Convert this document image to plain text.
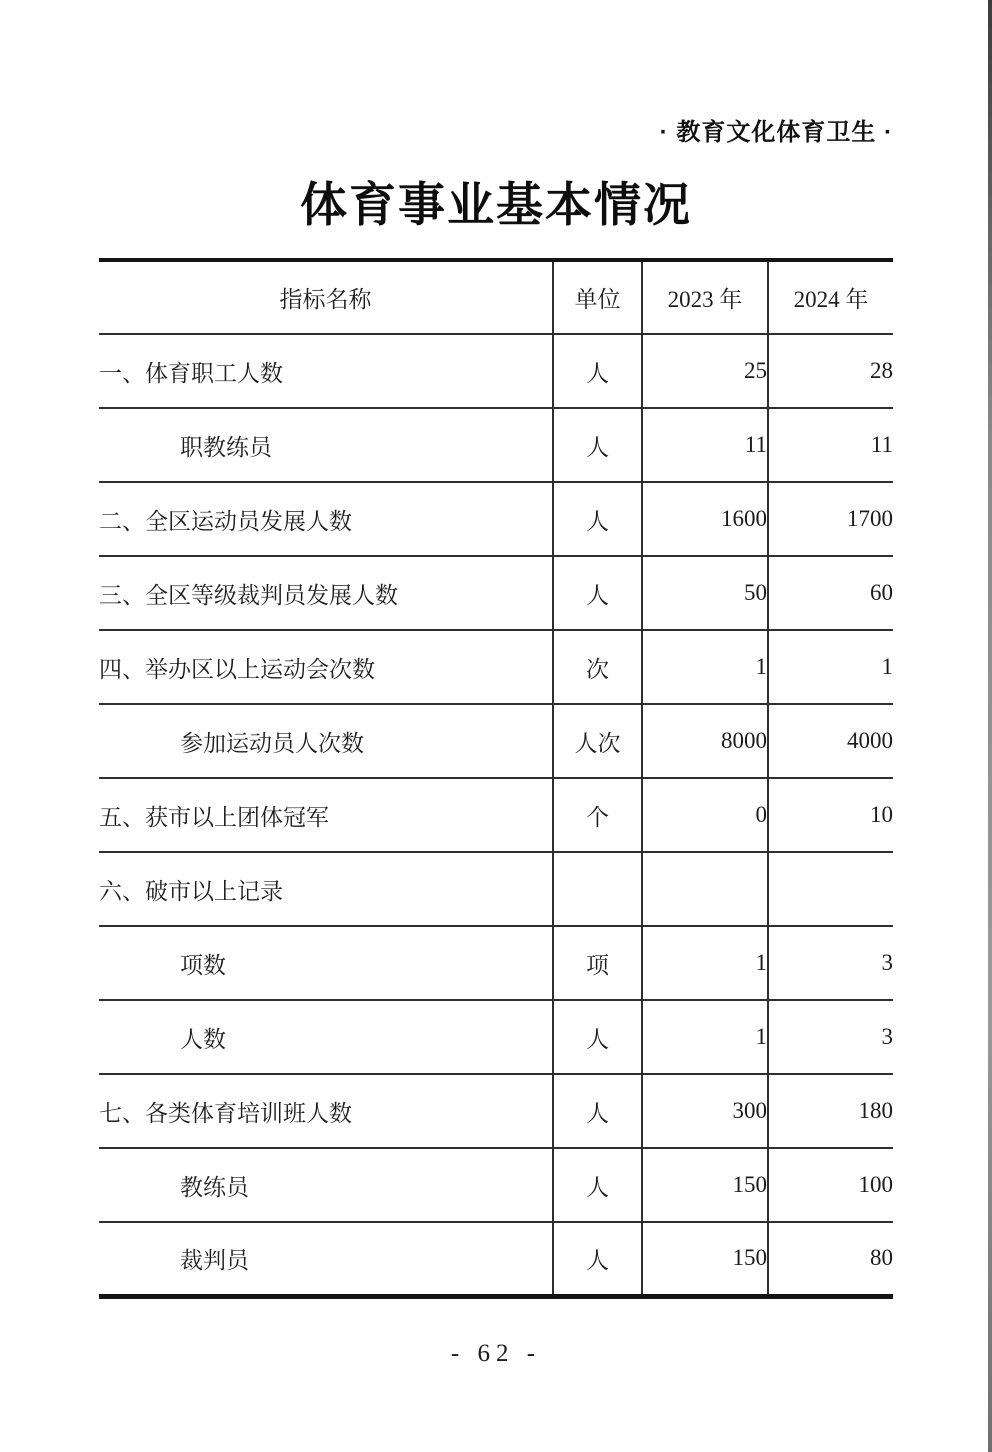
· 教育文化体育卫生 ·
体育事业基本情况
指标名称	单位	2023 年	2024 年
一、体育职工人数	人	25	28
职教练员	人	11	11
二、全区运动员发展人数	人	1600	1700
三、全区等级裁判员发展人数	人	50	60
四、举办区以上运动会次数	次	1	1
参加运动员人次数	人次	8000	4000
五、获市以上团体冠军	个	0	10
六、破市以上记录			
项数	项	1	3
人数	人	1	3
七、各类体育培训班人数	人	300	180
教练员	人	150	100
裁判员	人	150	80
- 62 -
